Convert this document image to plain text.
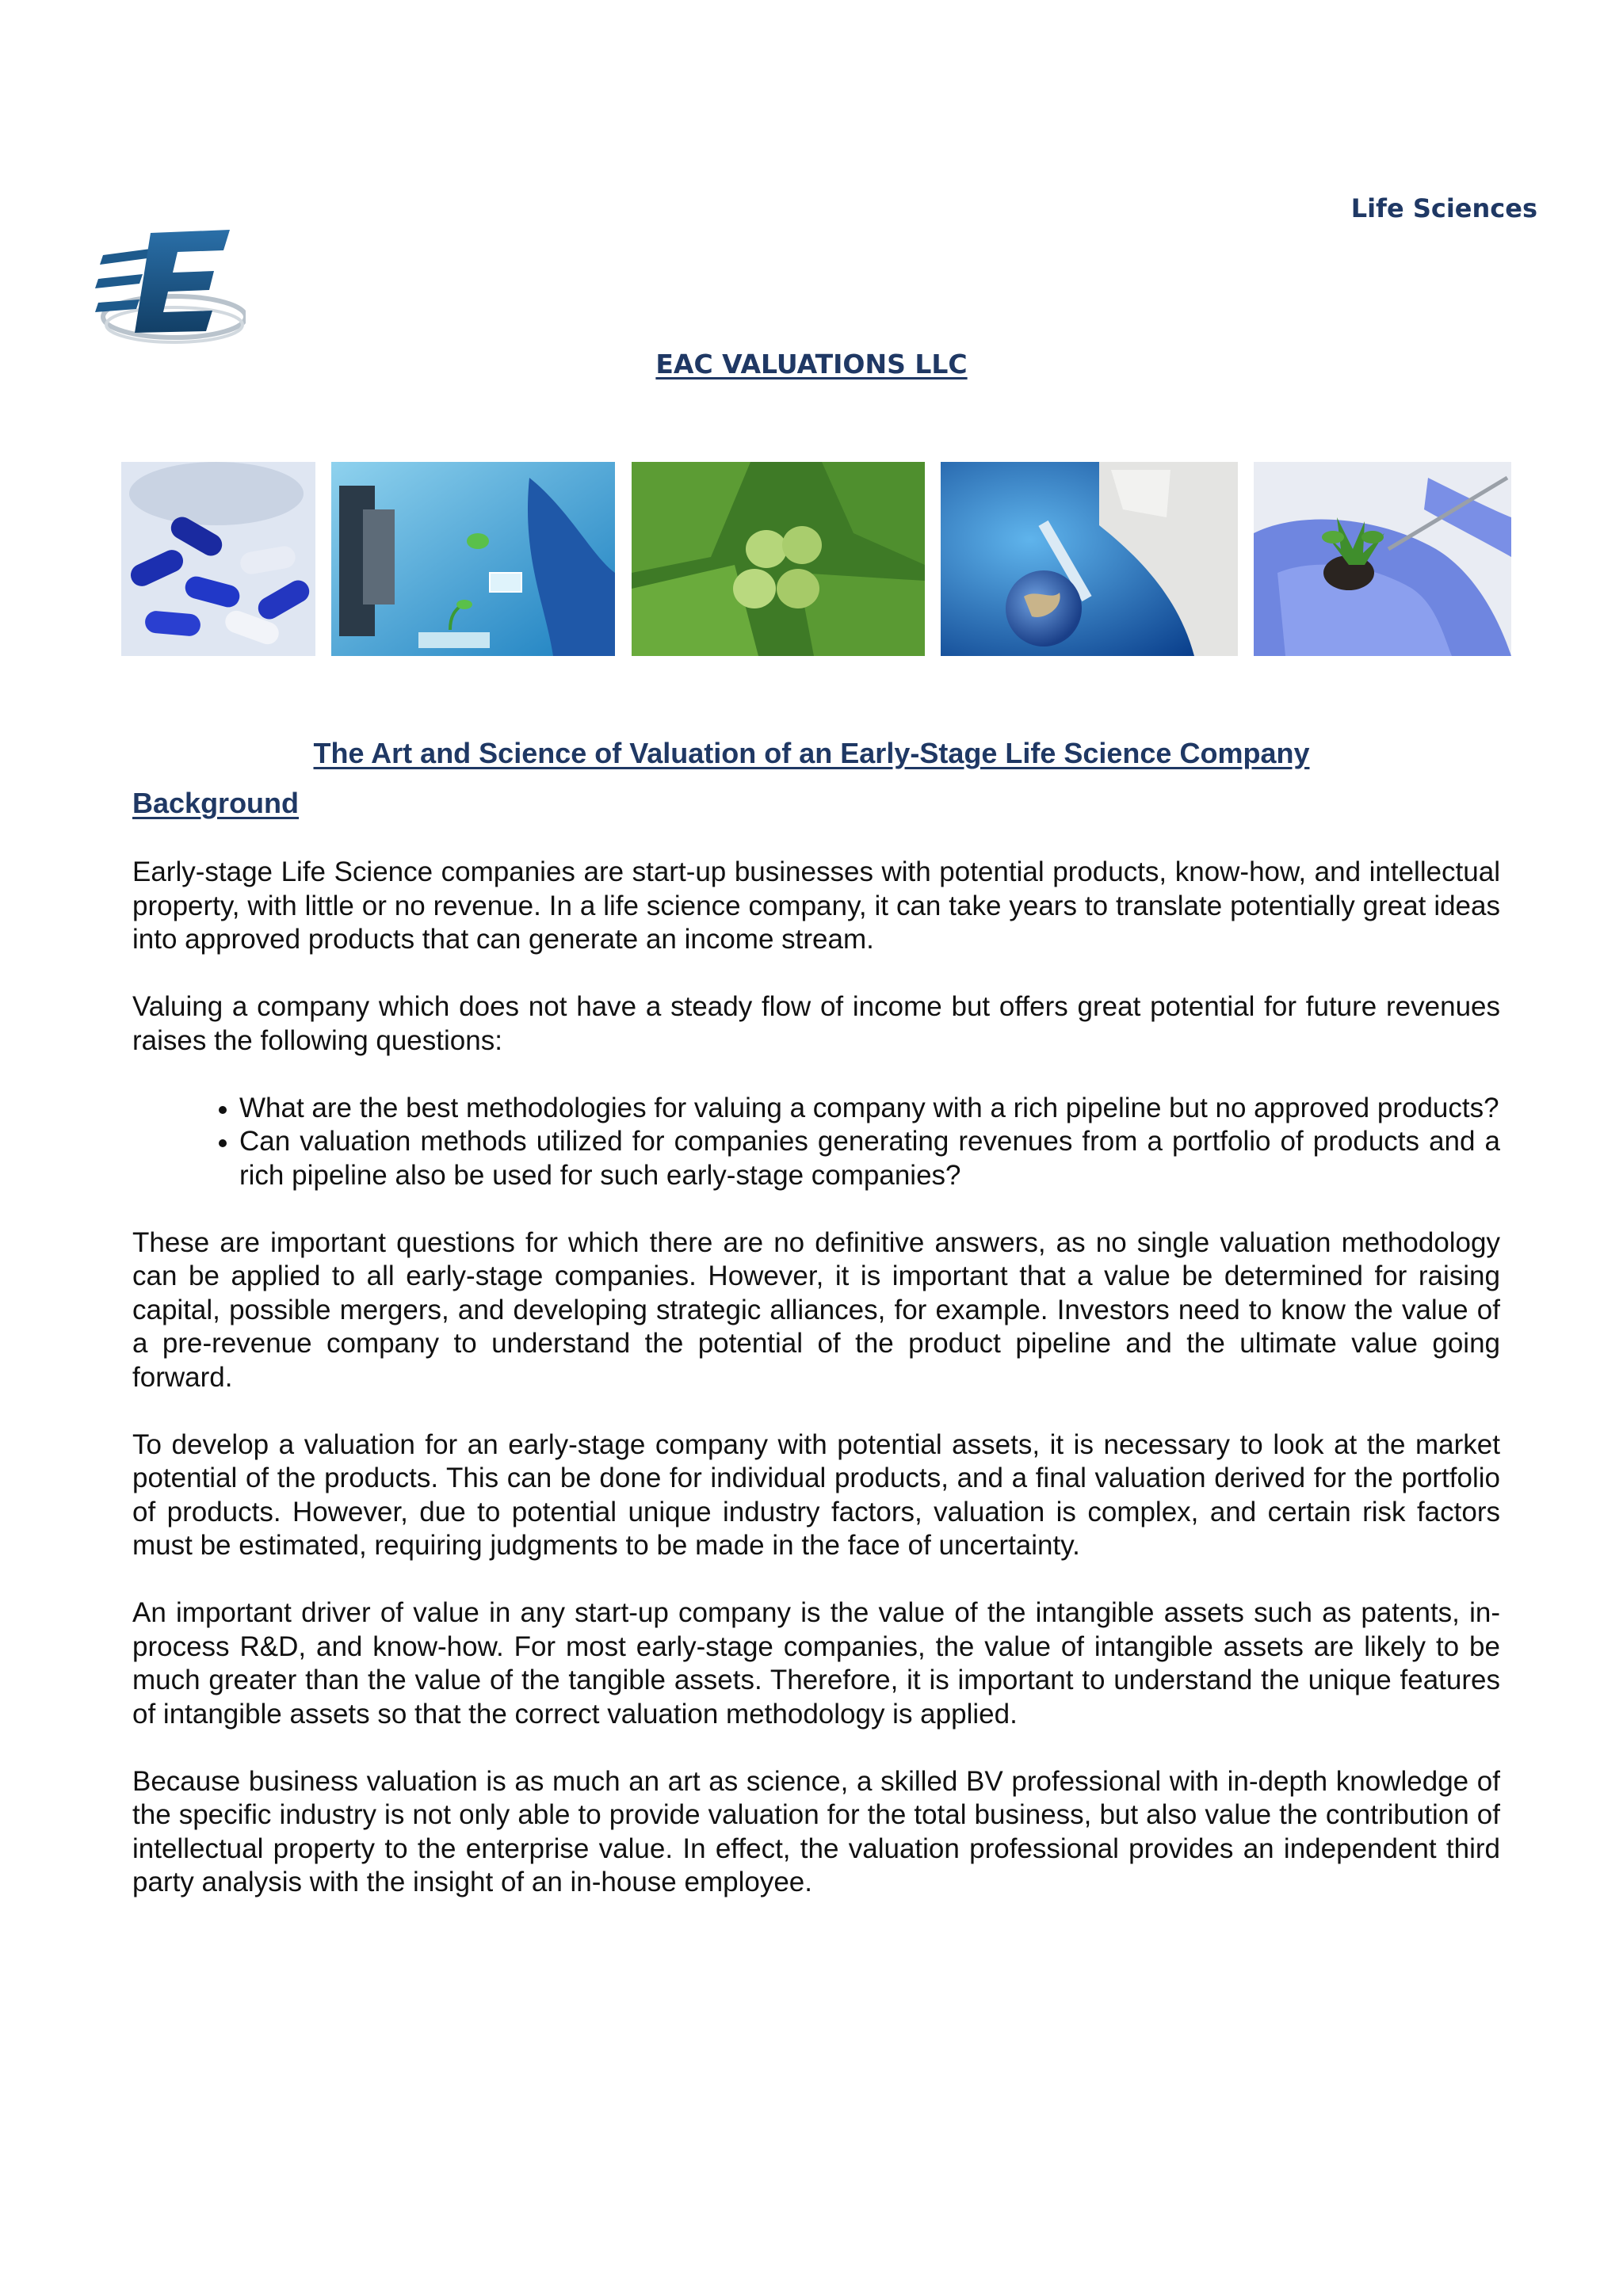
Life Sciences
EAC VALUATIONS LLC
The Art and Science of Valuation of an Early-Stage Life Science Company
Background

Early-stage Life Science companies are start-up businesses with potential products, know-how, and intellectual property, with little or no revenue. In a life science company, it can take years to translate potentially great ideas into approved products that can generate an income stream.

Valuing a company which does not have a steady flow of income but offers great potential for future revenues raises the following questions:

• What are the best methodologies for valuing a company with a rich pipeline but no approved products?
• Can valuation methods utilized for companies generating revenues from a portfolio of products and a rich pipeline also be used for such early-stage companies?

These are important questions for which there are no definitive answers, as no single valuation methodology can be applied to all early-stage companies. However, it is important that a value be determined for raising capital, possible mergers, and developing strategic alliances, for example. Investors need to know the value of a pre-revenue company to understand the potential of the product pipeline and the ultimate value going forward.

To develop a valuation for an early-stage company with potential assets, it is necessary to look at the market potential of the products. This can be done for individual products, and a final valuation derived for the portfolio of products. However, due to potential unique industry factors, valuation is complex, and certain risk factors must be estimated, requiring judgments to be made in the face of uncertainty.

An important driver of value in any start-up company is the value of the intangible assets such as patents, in-process R&D, and know-how. For most early-stage companies, the value of intangible assets are likely to be much greater than the value of the tangible assets. Therefore, it is important to understand the unique features of intangible assets so that the correct valuation methodology is applied.

Because business valuation is as much an art as science, a skilled BV professional with in-depth knowledge of the specific industry is not only able to provide valuation for the total business, but also value the contribution of intellectual property to the enterprise value. In effect, the valuation professional provides an independent third party analysis with the insight of an in-house employee.
